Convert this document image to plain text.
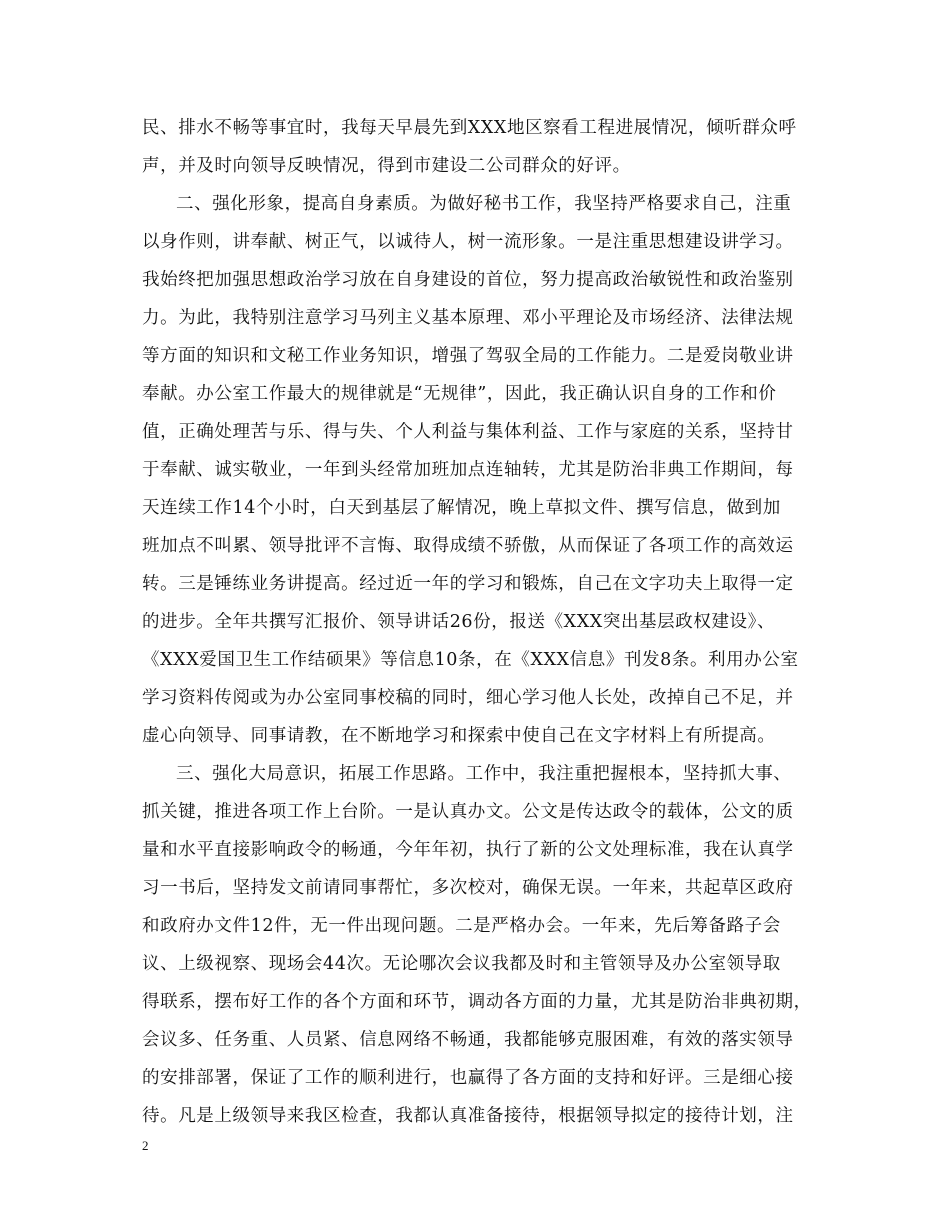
民、排水不畅等事宜时，我每天早晨先到XXX地区察看工程进展情况，倾听群众呼
声，并及时向领导反映情况，得到市建设二公司群众的好评。
二、强化形象，提高自身素质。为做好秘书工作，我坚持严格要求自己，注重
以身作则，讲奉献、树正气，以诚待人，树一流形象。一是注重思想建设讲学习。
我始终把加强思想政治学习放在自身建设的首位，努力提高政治敏锐性和政治鉴别
力。为此，我特别注意学习马列主义基本原理、邓小平理论及市场经济、法律法规
等方面的知识和文秘工作业务知识，增强了驾驭全局的工作能力。二是爱岗敬业讲
奉献。办公室工作最大的规律就是“无规律”，因此，我正确认识自身的工作和价
值，正确处理苦与乐、得与失、个人利益与集体利益、工作与家庭的关系，坚持甘
于奉献、诚实敬业，一年到头经常加班加点连轴转，尤其是防治非典工作期间，每
天连续工作14个小时，白天到基层了解情况，晚上草拟文件、撰写信息，做到加
班加点不叫累、领导批评不言悔、取得成绩不骄傲，从而保证了各项工作的高效运
转。三是锤练业务讲提高。经过近一年的学习和锻炼，自己在文字功夫上取得一定
的进步。全年共撰写汇报价、领导讲话26份，报送《XXX突出基层政权建设》、
《XXX爱国卫生工作结硕果》等信息10条，在《XXX信息》刊发8条。利用办公室
学习资料传阅或为办公室同事校稿的同时，细心学习他人长处，改掉自己不足，并
虚心向领导、同事请教，在不断地学习和探索中使自己在文字材料上有所提高。
三、强化大局意识，拓展工作思路。工作中，我注重把握根本，坚持抓大事、
抓关键，推进各项工作上台阶。一是认真办文。公文是传达政令的载体，公文的质
量和水平直接影响政令的畅通，今年年初，执行了新的公文处理标准，我在认真学
习一书后，坚持发文前请同事帮忙，多次校对，确保无误。一年来，共起草区政府
和政府办文件12件，无一件出现问题。二是严格办会。一年来，先后筹备路子会
议、上级视察、现场会44次。无论哪次会议我都及时和主管领导及办公室领导取
得联系，摆布好工作的各个方面和环节，调动各方面的力量，尤其是防治非典初期，
会议多、任务重、人员紧、信息网络不畅通，我都能够克服困难，有效的落实领导
的安排部署，保证了工作的顺利进行，也赢得了各方面的支持和好评。三是细心接
待。凡是上级领导来我区检查，我都认真准备接待，根据领导拟定的接待计划，注
2
